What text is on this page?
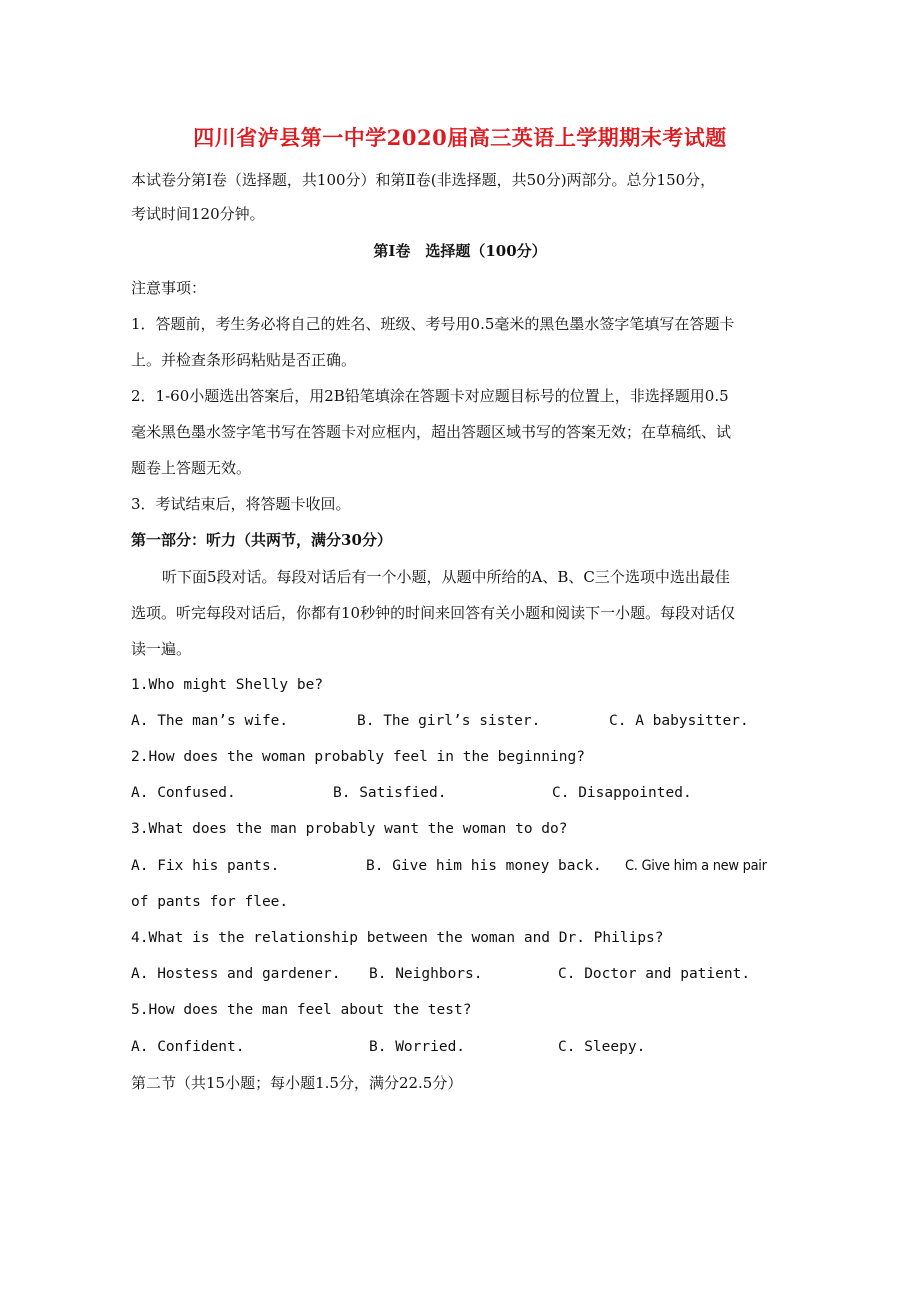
四川省泸县第一中学2020届高三英语上学期期末考试题
本试卷分第Ⅰ卷（选择题，共100分）和第Ⅱ卷(非选择题，共50分)两部分。总分150分，
考试时间120分钟。
第Ⅰ卷　选择题（100分）
注意事项：
1．答题前，考生务必将自己的姓名、班级、考号用0.5毫米的黑色墨水签字笔填写在答题卡
上。并检查条形码粘贴是否正确。
2．1-60小题选出答案后，用2B铅笔填涂在答题卡对应题目标号的位置上，非选择题用0.5
毫米黑色墨水签字笔书写在答题卡对应框内，超出答题区域书写的答案无效；在草稿纸、试
题卷上答题无效。
3．考试结束后，将答题卡收回。
第一部分：听力（共两节，满分30分）
听下面5段对话。每段对话后有一个小题，从题中所给的A、B、C三个选项中选出最佳
选项。听完每段对话后，你都有10秒钟的时间来回答有关小题和阅读下一小题。每段对话仅
读一遍。
1.Who might Shelly be?
A. The man’s wife.	B. The girl’s sister.	C. A babysitter.
2.How does the woman probably feel in the beginning?
A. Confused.	B. Satisfied.	C. Disappointed.
3.What does the man probably want the woman to do?
A. Fix his pants.	B. Give him his money back. C. Give him a new pair
of pants for flee.
4.What is the relationship between the woman and Dr. Philips?
A. Hostess and gardener. B. Neighbors.	C. Doctor and patient.
5.How does the man feel about the test?
A. Confident.	B. Worried.	C. Sleepy.
第二节（共15小题；每小题1.5分，满分22.5分）
